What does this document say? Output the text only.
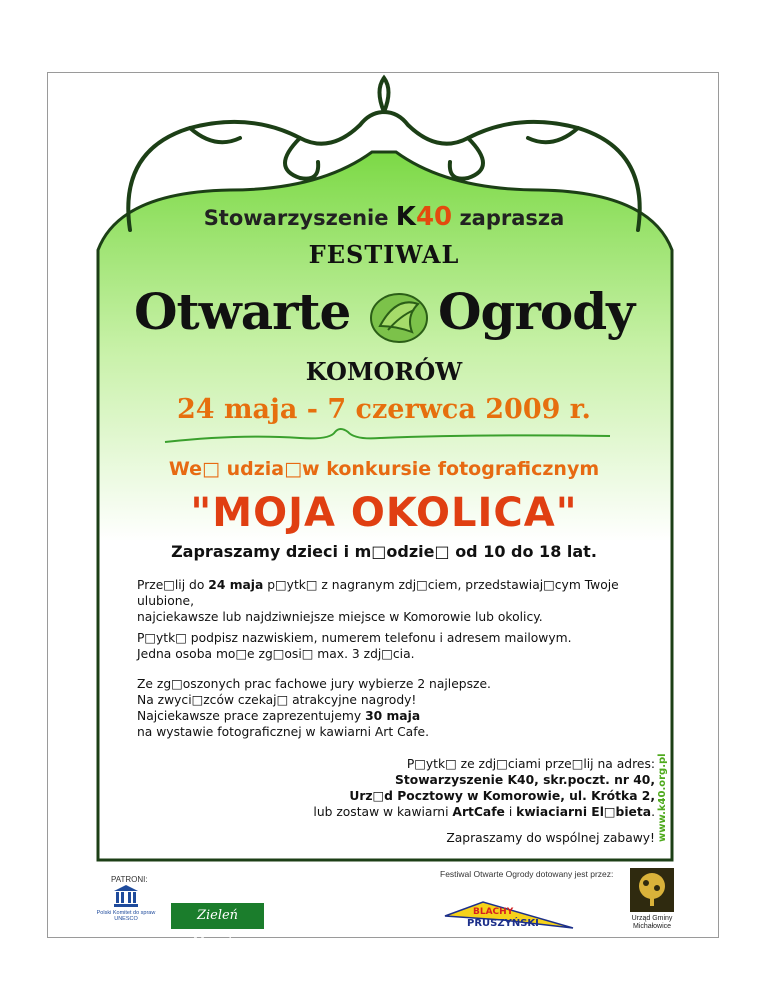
Stowarzyszenie K40 zaprasza
FESTIWAL
Otwarte Ogrody
KOMORÓW
24 maja - 7 czerwca 2009 r.
We□ udzia□w konkursie fotograficznym
"MOJA OKOLICA"
Zapraszamy dzieci i m□odzie□ od 10 do 18 lat.
Prze□lij do 24 maja p□ytk□ z nagranym zdj□ciem, przedstawiaj□cym Twoje ulubione,
najciekawsze lub najdziwniejsze miejsce w Komorowie lub okolicy.
P□ytk□ podpisz nazwiskiem, numerem telefonu i adresem mailowym.
Jedna osoba mo□e zg□osi□ max. 3 zdj□cia.
Ze zg□oszonych prac fachowe jury wybierze 2 najlepsze.
Na zwyci□zców czekaj□ atrakcyjne nagrody!
Najciekawsze prace zaprezentujemy 30 maja
na wystawie fotograficznej w kawiarni Art Cafe.
P□ytk□ ze zdj□ciami prze□lij na adres:
Stowarzyszenie K40, skr.poczt. nr 40,
Urz□d Pocztowy w Komorowie, ul. Krótka 2,
lub zostaw w kawiarni ArtCafe i kwiaciarni El□bieta.
Zapraszamy do wspólnej zabawy! www.k40.org.pl
PATRONI:
Festiwal Otwarte Ogrody dotowany jest przez:
Polski Komitet do spraw UNESCO	Zieleń Miejska
BLACHY
PRUSZYŃSKI	Urząd Gminy Michałowice
